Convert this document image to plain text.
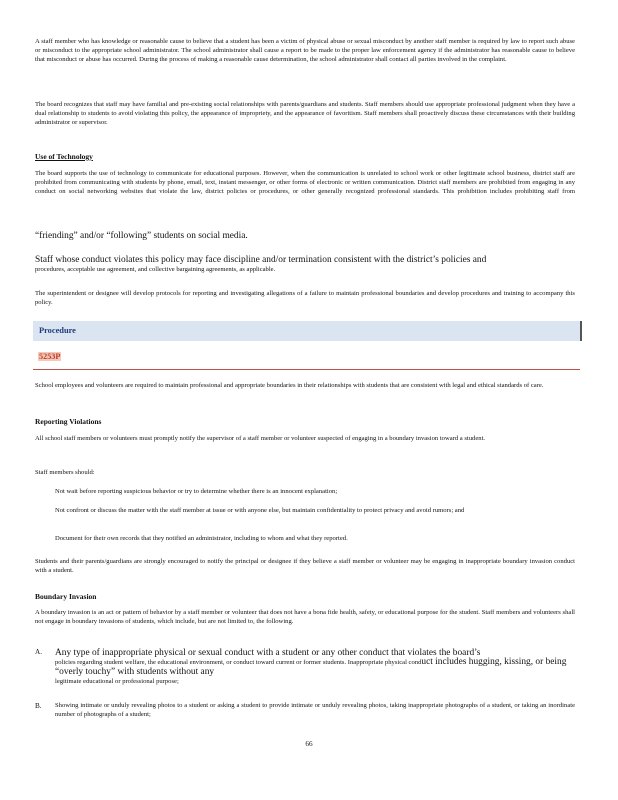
A staff member who has knowledge or reasonable cause to believe that a student has been a victim of physical abuse or sexual misconduct by another staff member is required by law to report such abuse or misconduct to the appropriate school administrator. The school administrator shall cause a report to be made to the proper law enforcement agency if the administrator has reasonable cause to believe that misconduct or abuse has occurred. During the process of making a reasonable cause determination, the school administrator shall contact all parties involved in the complaint.

The board recognizes that staff may have familial and pre-existing social relationships with parents/guardians and students. Staff members should use appropriate professional judgment when they have a dual relationship to students to avoid violating this policy, the appearance of impropriety, and the appearance of favoritism. Staff members shall proactively discuss these circumstances with their building administrator or supervisor.

Use of Technology

The board supports the use of technology to communicate for educational purposes. However, when the communication is unrelated to school work or other legitimate school business, district staff are prohibited from communicating with students by phone, email, text, instant messenger, or other forms of electronic or written communication. District staff members are prohibited from engaging in any conduct on social networking websites that violate the law, district policies or procedures, or other generally recognized professional standards. This prohibition includes prohibiting staff from

“friending” and/or “following” students on social media.

Staff whose conduct violates this policy may face discipline and/or termination consistent with the district’s policies and

procedures, acceptable use agreement, and collective bargaining agreements, as applicable.

The superintendent or designee will develop protocols for reporting and investigating allegations of a failure to maintain professional boundaries and develop procedures and training to accompany this policy.

Procedure
5253P

School employees and volunteers are required to maintain professional and appropriate boundaries in their relationships with students that are consistent with legal and ethical standards of care.

Reporting Violations

All school staff members or volunteers must promptly notify the supervisor of a staff member or volunteer suspected of engaging in a boundary invasion toward a student.

Staff members should:

Not wait before reporting suspicious behavior or try to determine whether there is an innocent explanation;

Not confront or discuss the matter with the staff member at issue or with anyone else, but maintain confidentiality to protect privacy and avoid rumors; and

Document for their own records that they notified an administrator, including to whom and what they reported.

Students and their parents/guardians are strongly encouraged to notify the principal or designee if they believe a staff member or volunteer may be engaging in inappropriate boundary invasion conduct with a student.

Boundary Invasion

A boundary invasion is an act or pattern of behavior by a staff member or volunteer that does not have a bona fide health, safety, or educational purpose for the student. Staff members and volunteers shall not engage in boundary invasions of students, which include, but are not limited to, the following.

A. Any type of inappropriate physical or sexual conduct with a student or any other conduct that violates the board’s

policies regarding student welfare, the educational environment, or conduct toward current or former students. Inappropriate physical conduct includes hugging, kissing, or being “overly touchy” with students without any

legitimate educational or professional purpose;

B. Showing intimate or unduly revealing photos to a student or asking a student to provide intimate or unduly revealing photos, taking inappropriate photographs of a student, or taking an inordinate number of photographs of a student;

66
